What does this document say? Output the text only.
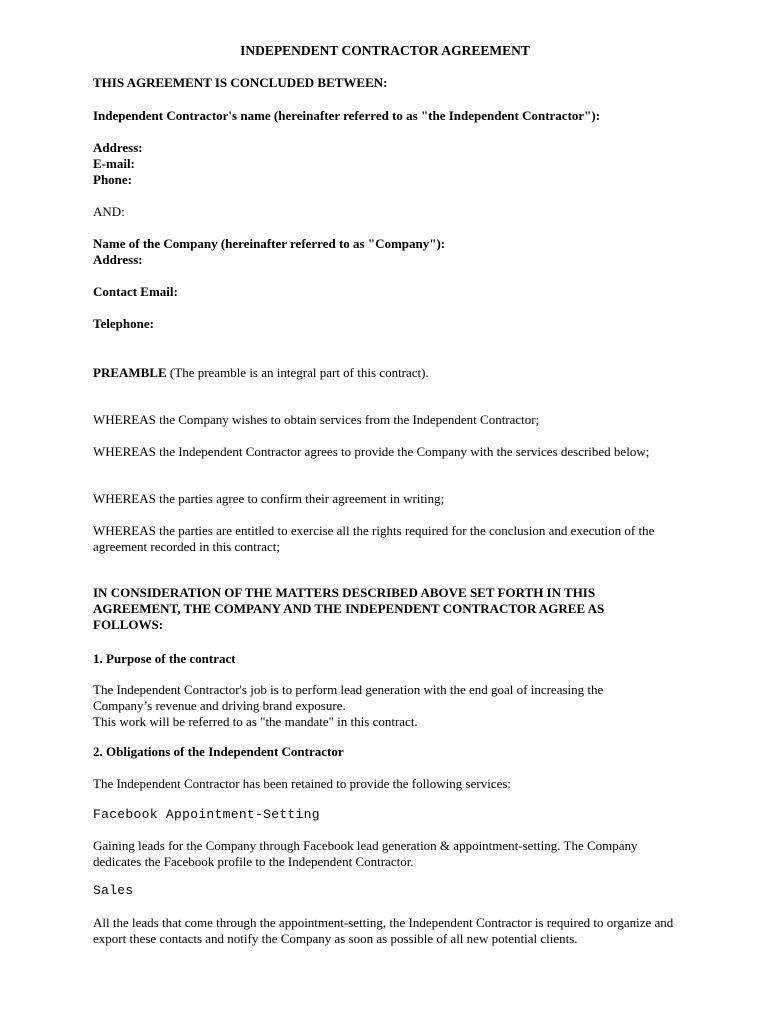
INDEPENDENT CONTRACTOR AGREEMENT

THIS AGREEMENT IS CONCLUDED BETWEEN:

Independent Contractor's name (hereinafter referred to as "the Independent Contractor"):

Address:
E-mail:
Phone:

AND:

Name of the Company (hereinafter referred to as "Company"):
Address:

Contact Email:

Telephone:

PREAMBLE (The preamble is an integral part of this contract).

WHEREAS the Company wishes to obtain services from the Independent Contractor;

WHEREAS the Independent Contractor agrees to provide the Company with the services described below;

WHEREAS the parties agree to confirm their agreement in writing;

WHEREAS the parties are entitled to exercise all the rights required for the conclusion and execution of the agreement recorded in this contract;

IN CONSIDERATION OF THE MATTERS DESCRIBED ABOVE SET FORTH IN THIS AGREEMENT, THE COMPANY AND THE INDEPENDENT CONTRACTOR AGREE AS FOLLOWS:

1. Purpose of the contract

The Independent Contractor's job is to perform lead generation with the end goal of increasing the Company’s revenue and driving brand exposure.
This work will be referred to as "the mandate" in this contract.

2. Obligations of the Independent Contractor

The Independent Contractor has been retained to provide the following services:

Facebook Appointment-Setting

Gaining leads for the Company through Facebook lead generation & appointment-setting. The Company dedicates the Facebook profile to the Independent Contractor.

Sales

All the leads that come through the appointment-setting, the Independent Contractor is required to organize and export these contacts and notify the Company as soon as possible of all new potential clients.
